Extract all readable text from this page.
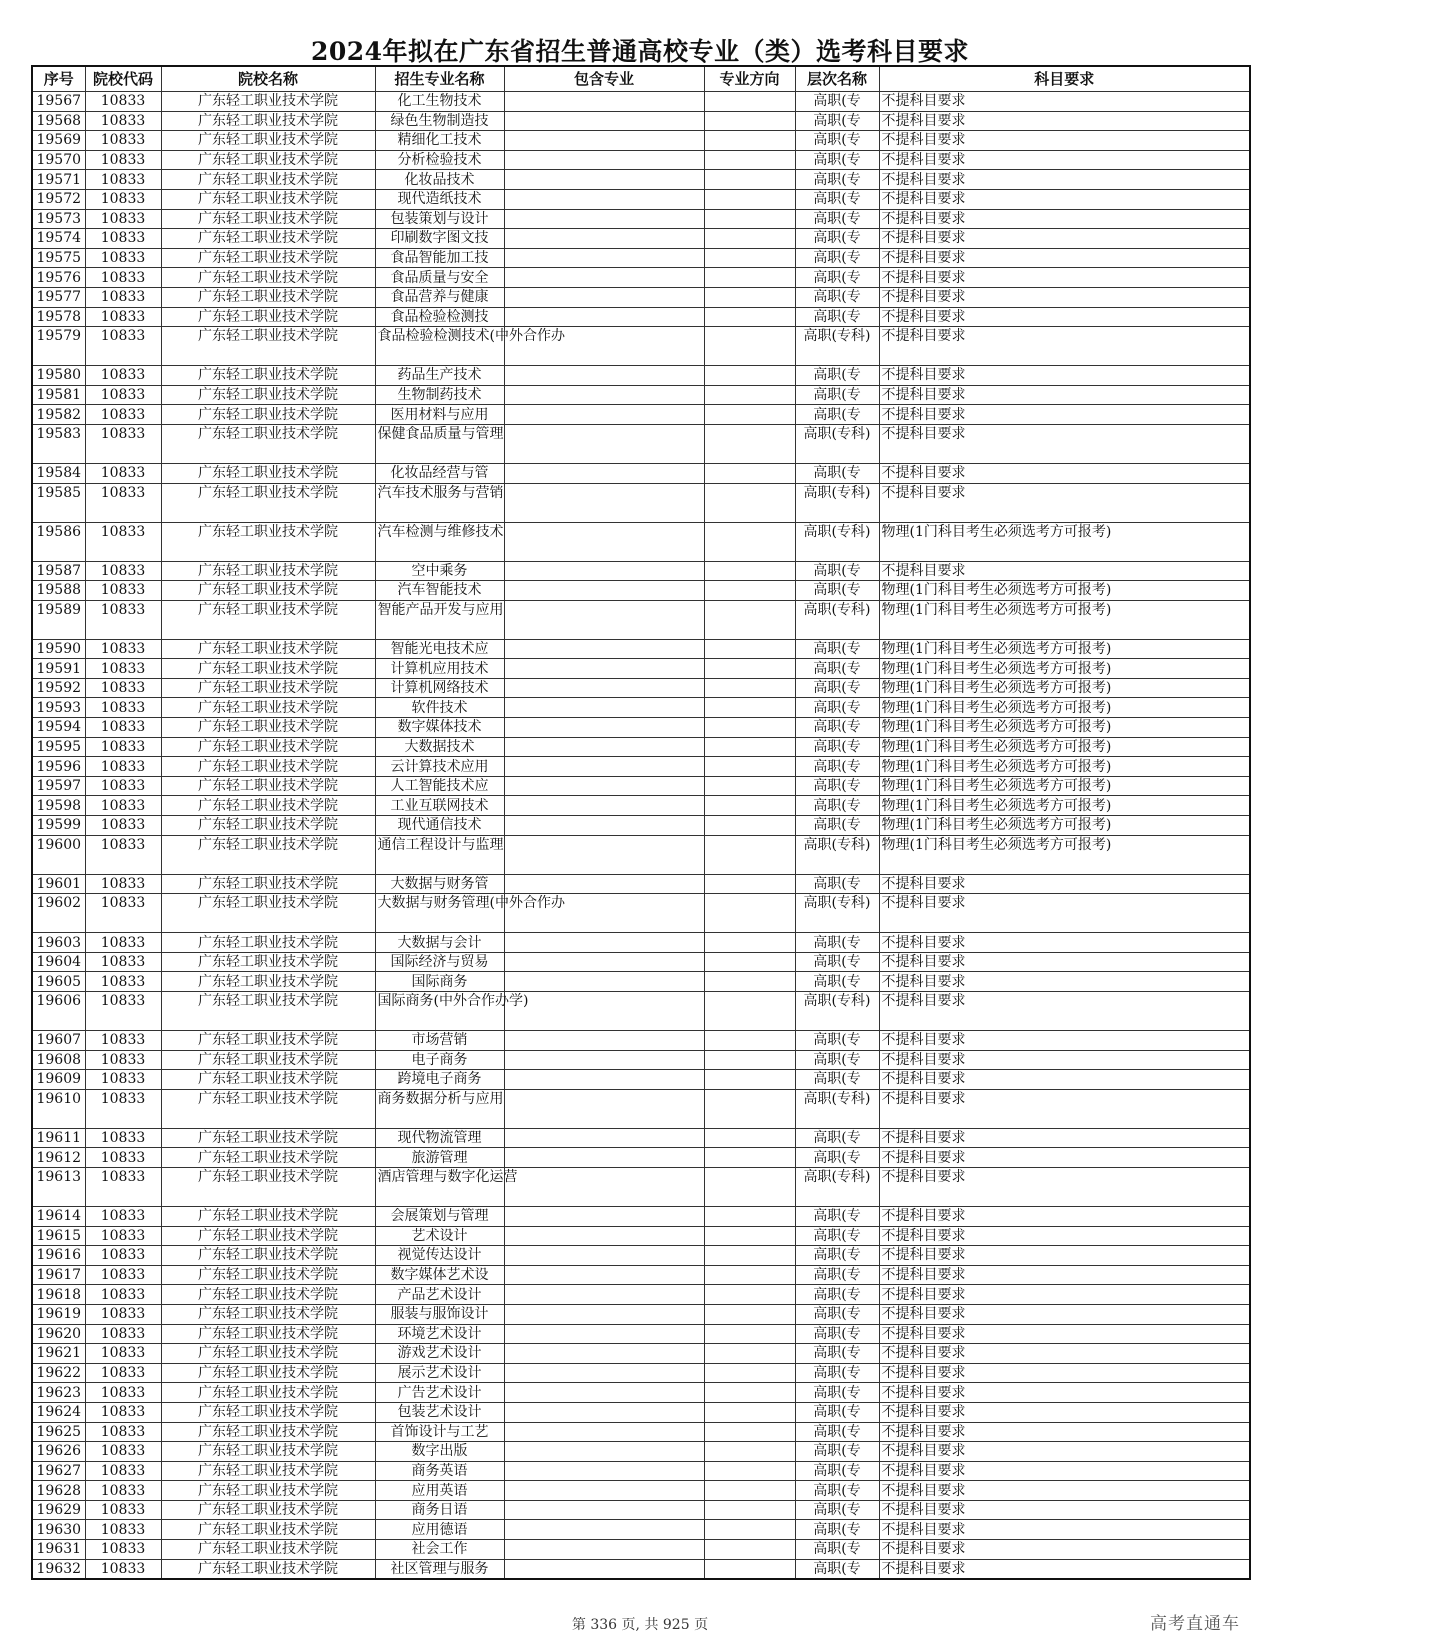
2024年拟在广东省招生普通高校专业（类）选考科目要求
序号	院校代码	院校名称	招生专业名称	包含专业	专业方向	层次名称	科目要求

19567	10833	广东轻工职业技术学院	化工生物技术			高职(专	不提科目要求

19568	10833	广东轻工职业技术学院	绿色生物制造技			高职(专	不提科目要求

19569	10833	广东轻工职业技术学院	精细化工技术			高职(专	不提科目要求

19570	10833	广东轻工职业技术学院	分析检验技术			高职(专	不提科目要求

19571	10833	广东轻工职业技术学院	化妆品技术			高职(专	不提科目要求

19572	10833	广东轻工职业技术学院	现代造纸技术			高职(专	不提科目要求

19573	10833	广东轻工职业技术学院	包装策划与设计			高职(专	不提科目要求

19574	10833	广东轻工职业技术学院	印刷数字图文技			高职(专	不提科目要求

19575	10833	广东轻工职业技术学院	食品智能加工技			高职(专	不提科目要求

19576	10833	广东轻工职业技术学院	食品质量与安全			高职(专	不提科目要求

19577	10833	广东轻工职业技术学院	食品营养与健康			高职(专	不提科目要求

19578	10833	广东轻工职业技术学院	食品检验检测技			高职(专	不提科目要求

19579	10833	广东轻工职业技术学院	食品检验检测技术(中外合作办			高职(专科)	不提科目要求

19580	10833	广东轻工职业技术学院	药品生产技术			高职(专	不提科目要求

19581	10833	广东轻工职业技术学院	生物制药技术			高职(专	不提科目要求

19582	10833	广东轻工职业技术学院	医用材料与应用			高职(专	不提科目要求

19583	10833	广东轻工职业技术学院	保健食品质量与管理			高职(专科)	不提科目要求

19584	10833	广东轻工职业技术学院	化妆品经营与管			高职(专	不提科目要求

19585	10833	广东轻工职业技术学院	汽车技术服务与营销			高职(专科)	不提科目要求

19586	10833	广东轻工职业技术学院	汽车检测与维修技术			高职(专科)	物理(1门科目考生必须选考方可报考)

19587	10833	广东轻工职业技术学院	空中乘务			高职(专	不提科目要求

19588	10833	广东轻工职业技术学院	汽车智能技术			高职(专	物理(1门科目考生必须选考方可报考)

19589	10833	广东轻工职业技术学院	智能产品开发与应用			高职(专科)	物理(1门科目考生必须选考方可报考)

19590	10833	广东轻工职业技术学院	智能光电技术应			高职(专	物理(1门科目考生必须选考方可报考)

19591	10833	广东轻工职业技术学院	计算机应用技术			高职(专	物理(1门科目考生必须选考方可报考)

19592	10833	广东轻工职业技术学院	计算机网络技术			高职(专	物理(1门科目考生必须选考方可报考)

19593	10833	广东轻工职业技术学院	软件技术			高职(专	物理(1门科目考生必须选考方可报考)

19594	10833	广东轻工职业技术学院	数字媒体技术			高职(专	物理(1门科目考生必须选考方可报考)

19595	10833	广东轻工职业技术学院	大数据技术			高职(专	物理(1门科目考生必须选考方可报考)

19596	10833	广东轻工职业技术学院	云计算技术应用			高职(专	物理(1门科目考生必须选考方可报考)

19597	10833	广东轻工职业技术学院	人工智能技术应			高职(专	物理(1门科目考生必须选考方可报考)

19598	10833	广东轻工职业技术学院	工业互联网技术			高职(专	物理(1门科目考生必须选考方可报考)

19599	10833	广东轻工职业技术学院	现代通信技术			高职(专	物理(1门科目考生必须选考方可报考)

19600	10833	广东轻工职业技术学院	通信工程设计与监理			高职(专科)	物理(1门科目考生必须选考方可报考)

19601	10833	广东轻工职业技术学院	大数据与财务管			高职(专	不提科目要求

19602	10833	广东轻工职业技术学院	大数据与财务管理(中外合作办			高职(专科)	不提科目要求

19603	10833	广东轻工职业技术学院	大数据与会计			高职(专	不提科目要求

19604	10833	广东轻工职业技术学院	国际经济与贸易			高职(专	不提科目要求

19605	10833	广东轻工职业技术学院	国际商务			高职(专	不提科目要求

19606	10833	广东轻工职业技术学院	国际商务(中外合作办学)			高职(专科)	不提科目要求

19607	10833	广东轻工职业技术学院	市场营销			高职(专	不提科目要求

19608	10833	广东轻工职业技术学院	电子商务			高职(专	不提科目要求

19609	10833	广东轻工职业技术学院	跨境电子商务			高职(专	不提科目要求

19610	10833	广东轻工职业技术学院	商务数据分析与应用			高职(专科)	不提科目要求

19611	10833	广东轻工职业技术学院	现代物流管理			高职(专	不提科目要求

19612	10833	广东轻工职业技术学院	旅游管理			高职(专	不提科目要求

19613	10833	广东轻工职业技术学院	酒店管理与数字化运营			高职(专科)	不提科目要求

19614	10833	广东轻工职业技术学院	会展策划与管理			高职(专	不提科目要求

19615	10833	广东轻工职业技术学院	艺术设计			高职(专	不提科目要求

19616	10833	广东轻工职业技术学院	视觉传达设计			高职(专	不提科目要求

19617	10833	广东轻工职业技术学院	数字媒体艺术设			高职(专	不提科目要求

19618	10833	广东轻工职业技术学院	产品艺术设计			高职(专	不提科目要求

19619	10833	广东轻工职业技术学院	服装与服饰设计			高职(专	不提科目要求

19620	10833	广东轻工职业技术学院	环境艺术设计			高职(专	不提科目要求

19621	10833	广东轻工职业技术学院	游戏艺术设计			高职(专	不提科目要求

19622	10833	广东轻工职业技术学院	展示艺术设计			高职(专	不提科目要求

19623	10833	广东轻工职业技术学院	广告艺术设计			高职(专	不提科目要求

19624	10833	广东轻工职业技术学院	包装艺术设计			高职(专	不提科目要求

19625	10833	广东轻工职业技术学院	首饰设计与工艺			高职(专	不提科目要求

19626	10833	广东轻工职业技术学院	数字出版			高职(专	不提科目要求

19627	10833	广东轻工职业技术学院	商务英语			高职(专	不提科目要求

19628	10833	广东轻工职业技术学院	应用英语			高职(专	不提科目要求

19629	10833	广东轻工职业技术学院	商务日语			高职(专	不提科目要求

19630	10833	广东轻工职业技术学院	应用德语			高职(专	不提科目要求

19631	10833	广东轻工职业技术学院	社会工作			高职(专	不提科目要求

19632	10833	广东轻工职业技术学院	社区管理与服务			高职(专	不提科目要求
第 336 页, 共 925 页	高考直通车
